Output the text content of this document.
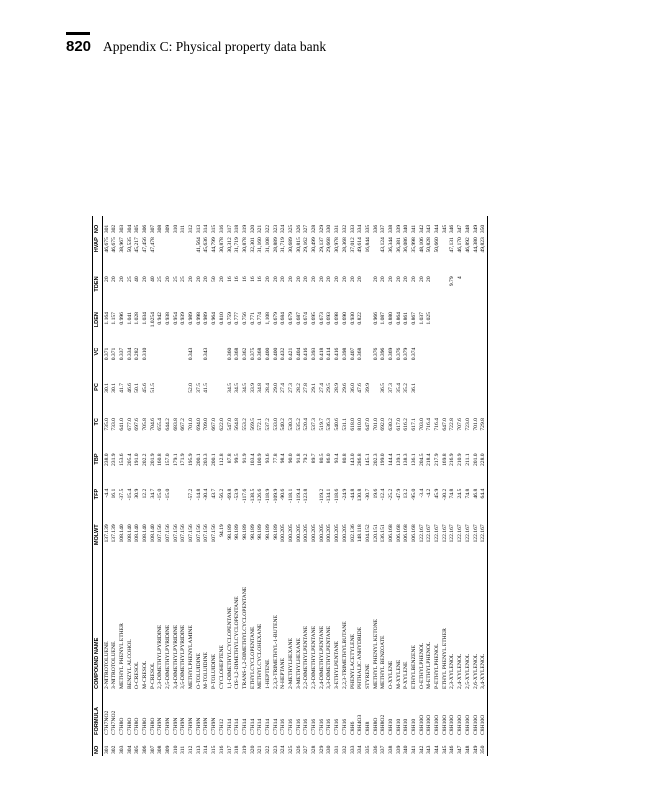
820 Appendix C: Physical property data bank
NO	FORMULA	COMPOUND NAME	MOLWT	TFP	TBP	TC	PC	VC	LDEN	TDEN	HVAP	NO
301	C7H7NO2	2-NITROTOLUENE	137.139	-4.4	238.0	735.0	30.1	0.371	1.164	20	46,675	301
302	C7H7NO2	3-NITROTOLUENE	137.139	16.1	231.9	733.0	30.1	0.371	1.157	20	46,675	302
303	C7H8O	METHYL PHENYL ETHER	108.140	-37.5	153.6	641.0	41.7	0.337	0.996	20	38,967	303
304	C7H8O	BENZYL ALCOHOL	108.140	-15.4	205.4	677.0	46.6	0.334	1.041	25	50,535	304
305	C7H8O	O-CRESOL	108.140	30.9	191.0	697.6	50.1	0.282	1.028	40	45,217	305
306	C7H8O	M-CRESOL	108.140	12.2	202.2	705.8	45.6	0.310	1.034	20	47,456	306
307	C7H8O	P-CRESOL	108.140	34.7	201.9	704.6	51.5		1.0254	40	47,478	307
308	C7H9N	2,3-DIMETHYLPYRIDINE	107.156	-15.0	160.8	655.4			0.942	25		308
309	C7H9N	2,5-DIMETHYLPYRIDINE	107.156	-15.0	157.0	644.2			0.938	20		309
310	C7H9N	3,4-DIMETHYLPYRIDINE	107.156		179.1	683.8			0.954	25		310
311	C7H9N	3,5-DIMETHYLPYRIDINE	107.156		171.9	667.2			0.939	25		311
312	C7H9N	METHYLPHENYLAMINE	107.156	-57.2	195.9	701.0	52.0	0.343	0.989	20		312
313	C7H9N	O-TOLUIDINE	107.156	-14.8	200.1	694.0	37.5		0.998	20	41,564	313
314	C7H9N	M-TOLUIDINE	107.156	-30.4	203.3	709.0	41.5	0.343	0.989	20	45,636	314
315	C7H9N	P-TOLUIDINE	107.156	43.7	200.1	667.0			0.964	50	44,799	315
316	C7H12	CYCLOHEPTENE	94.19	-56.2	112.8	622.0			0.810	20	30,878	316
317	C7H14	1,1-DIMETHYLCYCLOPENTANE	98.189	-69.8	87.8	547.0	34.5	0.360	0.759	16	30,312	317
318	C7H14	CIS-1,2-DIMETHYLCYCLOPENTANE	98.189	-53.9	99.5	564.8	34.5	0.368	0.777	16	31,719	318
319	C7H14	TRANS-1,2-DIMETHYLCYCLOPENTANE	98.189	-117.6	91.9	553.2	34.5	0.362	0.756	16	30,878	319
320	C7H14	ETHYLCYCLOPENTANE	98.189	-138.5	103.4	569.5	33.9	0.375	0.771	16	32,301	320
321	C7H14	METHYLCYCLOHEXANE	98.189	-126.6	100.9	572.1	34.8	0.368	0.774	16	31,160	321
322	C7H14	1-HEPTENE	98.189	-118.9	93.6	537.2	28.4	0.400	1,108	20	31,108	322
323	C7H14	2,3,3-TRIMETHYL-1-BUTENE	98.189	-109.9	77.8	533.0	29.0	0.400	0.679	20	28,889	323
324	C7H16	N-HEPTANE	100.205	-90.6	98.4	540.2	27.4	0.432	0.684	20	31,719	324
325	C7H16	2-METHYLHEXANE	100.205	-118.1	90.0	530.3	27.3	0.421	0.679	20	30,689	325
326	C7H16	3-METHYLHEXANE	100.205	-119.4	91.8	535.2	28.2	0.404	0.687	20	30,815	326
327	C7H16	2,2-DIMETHYLPENTANE	100.205	-123.8	79.2	520.4	27.8	0.416	0.674	20	29,162	327
328	C7H16	2,3-DIMETHYLPENTANE	100.205		89.7	537.3	29.1	0.393	0.695	20	30,499	328
329	C7H16	2,4-DIMETHYLPENTANE	100.205	-119.2	80.5	519.7	27.4	0.418	0.673	20	29,137	329
330	C7H16	3,3-DIMETHYLPENTANE	100.205	-134.1	86.0	536.3	29.5	0.414	0.693	20	29,668	330
331	C7H16	3-ETHYLPENTANE	100.205	-118.6	93.4	540.6	28.9	0.416	0.698	20	30,978	331
332	C7H16	2,2,3-TRIMETHYLBUTANE	100.205	-24.9	80.8	531.1	29.6	0.398	0.690	20	28,368	332
333	C8H6	PHENYLACETYLENE	102.136	-44.8	143.0	618.0	36.0	0.407	0.930	20	37,012	333
334	C8H4O3	PHTHALIC ANHYDRIDE	148.118	130.8	286.8	810.0	47.6	0.368	0.822	20	49,614	334
335	C8H8	STYRENE	104.152	-30.7	145.1	647.0	39.9				16,844	335
336	C8H8O	METHYL PHENYL KETONE	120.151	19.6	202.3	701.0		0.376	0.966	20		336
337	C8H8O2	METHYL BENZOATE	136.151	-12.4	199.0	692.0	36.5	0.396	1.087	20	43,124	337
338	C8H10	O-XYLENE	106.168	-25.2	144.4	630.2	37.3	0.369	0.880	20	36,344	338
339	C8H10	M-XYLENE	106.168	-47.9	139.1	617.0	35.4	0.376	0.864	20	36,381	339
340	C8H10	P-XYLENE	106.168	13.2	138.3	616.2	35.2	0.379	0.861	20	36,086	340
341	C8H10	ETHYLBENZENE	106.168	-95.0	136.1	617.1	36.1	0.374	0.867	20	35,998	341
342	C8H10O	O-ETHYLPHENOL	122.167	-3.4	204.5	703.0			1.037	20	48,106	342
343	C8H10O	M-ETHYLPHENOL	122.167	-4.2	218.4	716.4			1.025	20	50,828	343
344	C8H10O	P-ETHYLPHENOL	122.167	45.9	217.9	716.4					50,660	344
345	C8H10O	ETHYL PHENYL ETHER	122.167	-30.2	169.8	647.0						345
346	C8H10O	2,3-XYLENOL	122.167	74.8	216.9	722.8				9.79	47,131	346
347	C8H10O	2,4-XYLENOL	122.167	24.5	210.9	707.6				4	46,170	347
348	C8H10O	2,5-XYLENOL	122.167	74.8	211.1	723.0					46,892	348
349	C8H10O	2,6-XYLENOL	122.167	46.8	201.0	701.0					44,380	349
350	C8H10O	3,4-XYLENOL	122.167	64.4	228.0	729.8					49,823	350
